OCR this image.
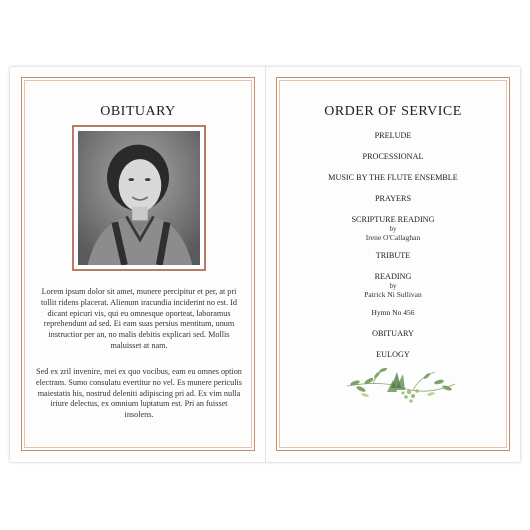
OBITUARY
Lorem ipsum dolor sit amet, munere percipitur et per, at pri tollit ridens placerat. Alienum iracundia inciderint no est. Id dicant epicuri vis, qui eu omnesque oporteat, laboramus reprehendunt ad sed. Ei eam suas persius mentitum, unum instructior per an, no malis debitis explicari sed. Mollis maluisset at nam.
Sed ex zril invenire, mei ex quo vocibus, eam eu omnes option electram. Sumo consulatu evertitur no vel. Es munere periculis maiestatis his, nostrud deleniti adipiscing pri ad. Ex vim nulla iriure delectus, ex omnium luptatum est. Pri an fuisset insolens.
ORDER OF SERVICE
PRELUDE
PROCESSIONAL
MUSIC BY THE FLUTE ENSEMBLE
PRAYERS
SCRIPTURE READING
by
Irene O'Callaghan
TRIBUTE
READING
by
Patrick Ni Sullivan
Hymn No 456
OBITUARY
EULOGY
